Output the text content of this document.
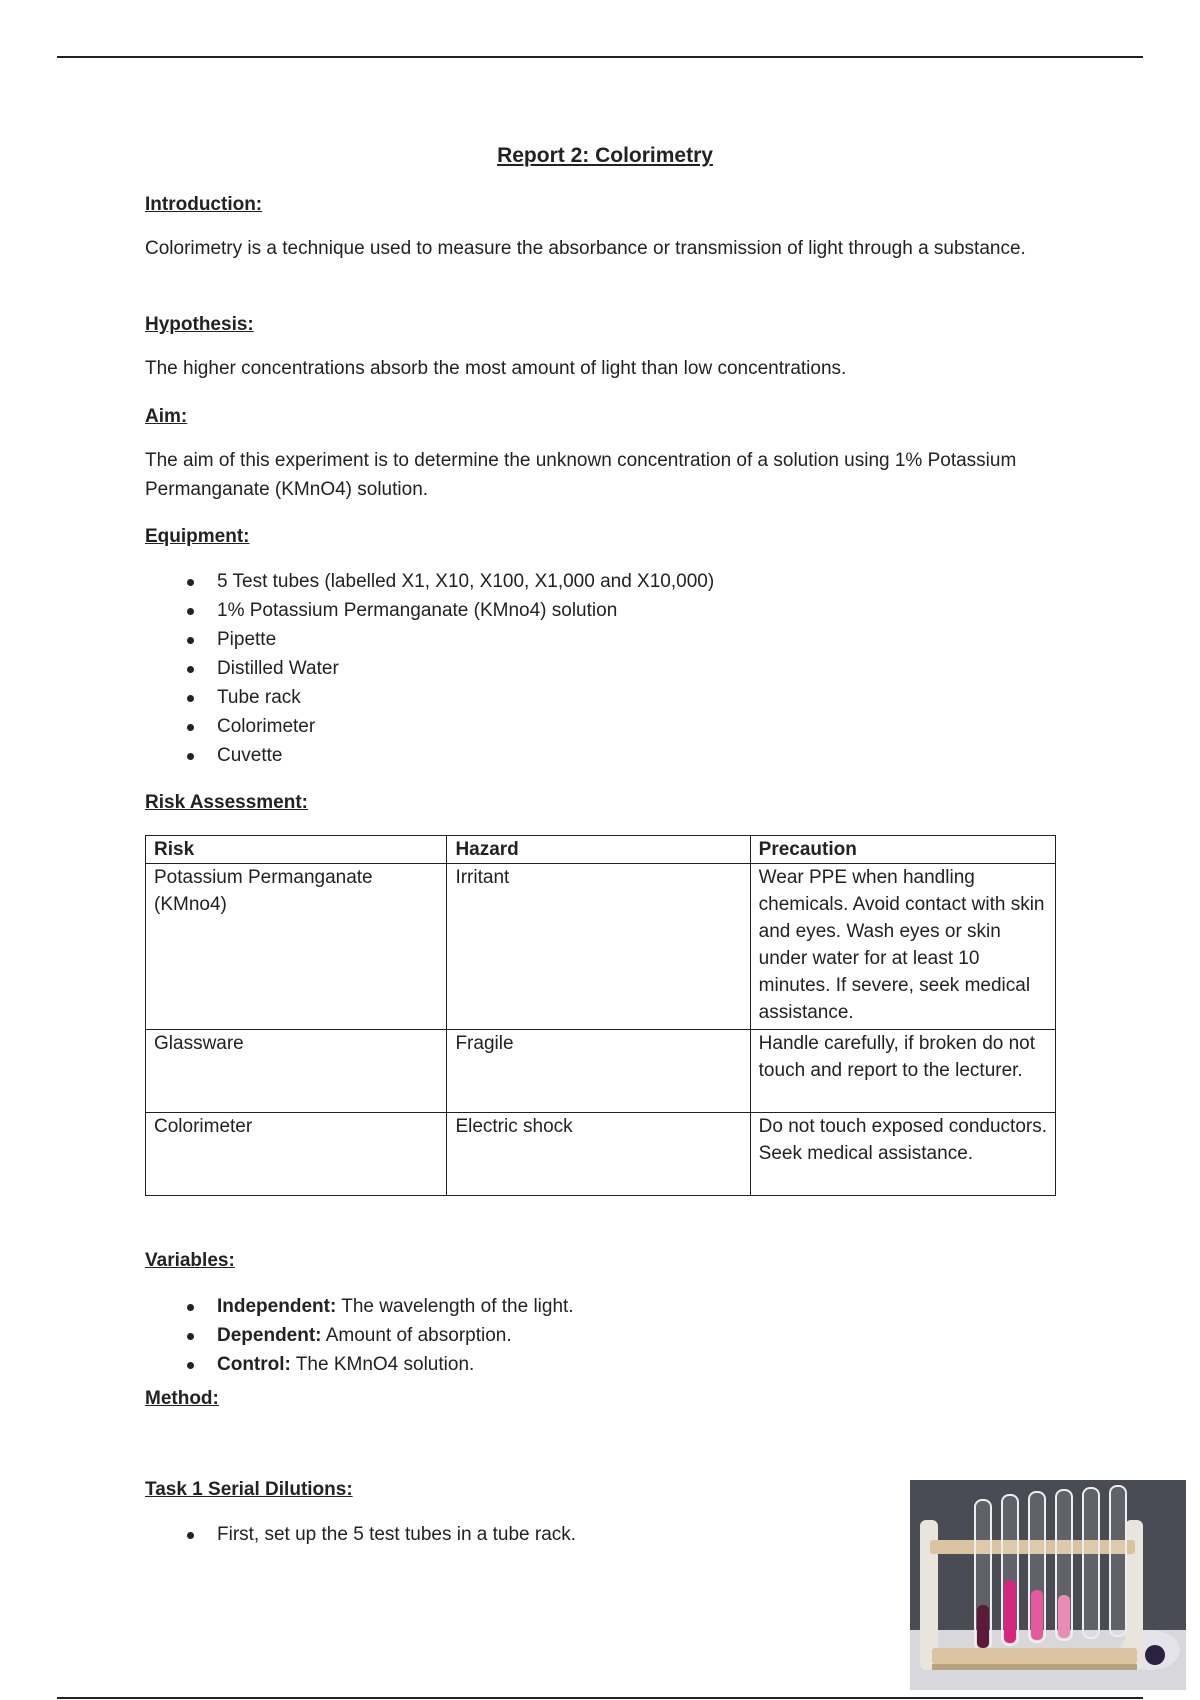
Report 2: Colorimetry
Introduction:
Colorimetry is a technique used to measure the absorbance or transmission of light through a substance.
Hypothesis:
The higher concentrations absorb the most amount of light than low concentrations.
Aim:
The aim of this experiment is to determine the unknown concentration of a solution using 1% Potassium Permanganate (KMnO4) solution.
Equipment:
5 Test tubes (labelled X1, X10, X100, X1,000 and X10,000)
1% Potassium Permanganate (KMno4) solution
Pipette
Distilled Water
Tube rack
Colorimeter
Cuvette
Risk Assessment:
Risk	Hazard	Precaution
Potassium Permanganate (KMno4)	Irritant	Wear PPE when handling chemicals. Avoid contact with skin and eyes. Wash eyes or skin under water for at least 10 minutes. If severe, seek medical assistance.
Glassware	Fragile	Handle carefully, if broken do not touch and report to the lecturer.
Colorimeter	Electric shock	Do not touch exposed conductors. Seek medical assistance.
Variables:
Independent: The wavelength of the light.
Dependent: Amount of absorption.
Control: The KMnO4 solution.
Method:
Task 1 Serial Dilutions:
First, set up the 5 test tubes in a tube rack.
